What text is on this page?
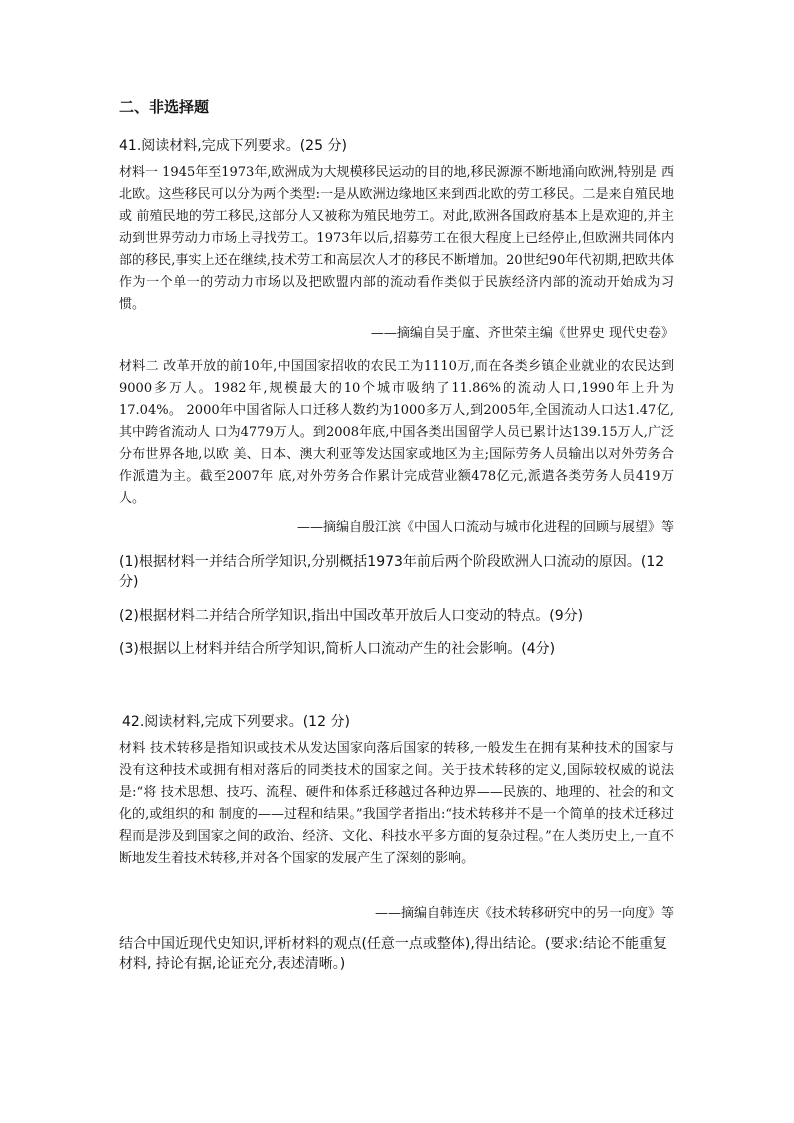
二、非选择题
41.阅读材料,完成下列要求。(25 分)
材料一 1945年至1973年,欧洲成为大规模移民运动的目的地,移民源源不断地涌向欧洲,特别是 西北欧。这些移民可以分为两个类型:一是从欧洲边缘地区来到西北欧的劳工移民。二是来自殖民地或 前殖民地的劳工移民,这部分人又被称为殖民地劳工。对此,欧洲各国政府基本上是欢迎的,并主动到世界劳动力市场上寻找劳工。1973年以后,招募劳工在很大程度上已经停止,但欧洲共同体内部的移民,事实上还在继续,技术劳工和高层次人才的移民不断增加。20世纪90年代初期,把欧共体作为一个单一的劳动力市场以及把欧盟内部的流动看作类似于民族经济内部的流动开始成为习惯。
——摘编自吴于廑、齐世荣主编《世界史 现代史卷》
材料二 改革开放的前10年,中国国家招收的农民工为1110万,而在各类乡镇企业就业的农民达到9000多万人。1982年,规模最大的10个城市吸纳了11.86%的流动人口,1990年上升为17.04%。 2000年中国省际人口迁移人数约为1000多万人,到2005年,全国流动人口达1.47亿,其中跨省流动人 口为4779万人。到2008年底,中国各类出国留学人员已累计达139.15万人,广泛分布世界各地,以欧 美、日本、澳大利亚等发达国家或地区为主;国际劳务人员输出以对外劳务合作派遣为主。截至2007年 底,对外劳务合作累计完成营业额478亿元,派遣各类劳务人员419万人。
——摘编自殷江滨《中国人口流动与城市化进程的回顾与展望》等
(1)根据材料一并结合所学知识,分别概括1973年前后两个阶段欧洲人口流动的原因。(12分)
(2)根据材料二并结合所学知识,指出中国改革开放后人口变动的特点。(9分)
(3)根据以上材料并结合所学知识,简析人口流动产生的社会影响。(4分)
42.阅读材料,完成下列要求。(12 分)
材料 技术转移是指知识或技术从发达国家向落后国家的转移,一般发生在拥有某种技术的国家与 没有这种技术或拥有相对落后的同类技术的国家之间。关于技术转移的定义,国际较权威的说法是:“将 技术思想、技巧、流程、硬件和体系迁移越过各种边界——民族的、地理的、社会的和文化的,或组织的和 制度的——过程和结果。”我国学者指出:“技术转移并不是一个简单的技术迁移过程而是涉及到国家之间的政治、经济、文化、科技水平多方面的复杂过程。”在人类历史上,一直不断地发生着技术转移,并对各个国家的发展产生了深刻的影响。
——摘编自韩连庆《技术转移研究中的另一向度》等
结合中国近现代史知识,评析材料的观点(任意一点或整体),得出结论。(要求:结论不能重复材料, 持论有据,论证充分,表述清晰。)
